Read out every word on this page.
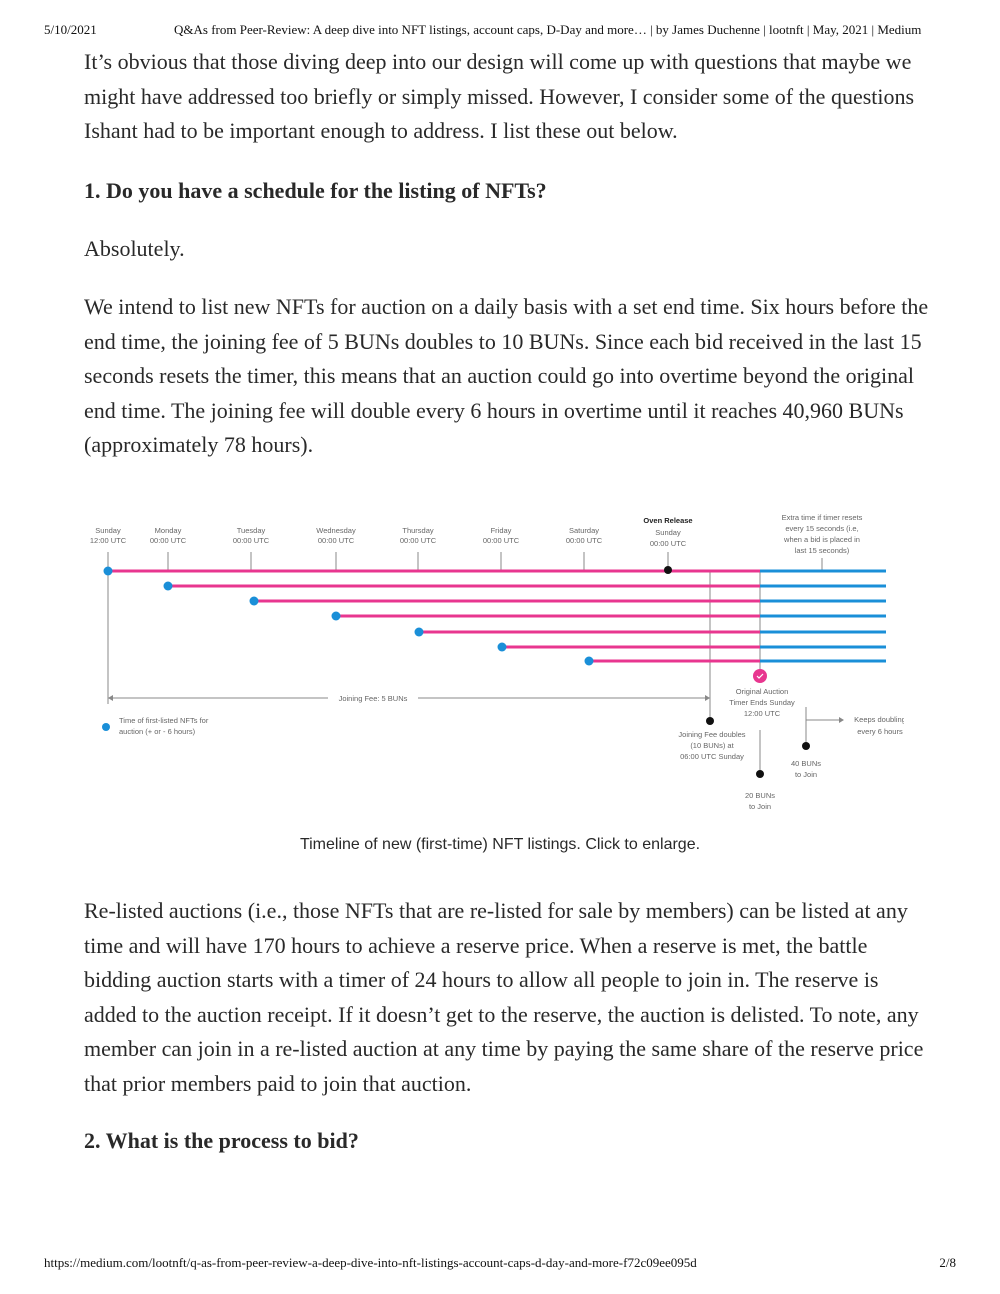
5/10/2021	Q&As from Peer-Review: A deep dive into NFT listings, account caps, D-Day and more… | by James Duchenne | lootnft | May, 2021 | Medium

It’s obvious that those diving deep into our design will come up with questions that maybe we might have addressed too briefly or simply missed. However, I consider some of the questions Ishant had to be important enough to address. I list these out below.

1. Do you have a schedule for the listing of NFTs?

Absolutely.

We intend to list new NFTs for auction on a daily basis with a set end time. Six hours before the end time, the joining fee of 5 BUNs doubles to 10 BUNs. Since each bid received in the last 15 seconds resets the timer, this means that an auction could go into overtime beyond the original end time. The joining fee will double every 6 hours in overtime until it reaches 40,960 BUNs (approximately 78 hours).

Re-listed auctions (i.e., those NFTs that are re-listed for sale by members) can be listed at any time and will have 170 hours to achieve a reserve price. When a reserve is met, the battle bidding auction starts with a timer of 24 hours to allow all people to join in. The reserve is added to the auction receipt. If it doesn’t get to the reserve, the auction is delisted. To note, any member can join in a re-listed auction at any time by paying the same share of the reserve price that prior members paid to join that auction.

2. What is the process to bid?
Sunday
12:00 UTC
Monday
00:00 UTC
Tuesday
00:00 UTC
Wednesday
00:00 UTC
Thursday
00:00 UTC
Friday
00:00 UTC
Saturday
00:00 UTC
Oven Release
Sunday
00:00 UTC
Extra time if timer resets
every 15 seconds (i.e,
when a bid is placed in
last 15 seconds)
Joining Fee: 5 BUNs
Time of first-listed NFTs for
auction (+ or - 6 hours)
Original Auction
Timer Ends Sunday
12:00 UTC
Joining Fee doubles
(10 BUNs) at
06:00 UTC Sunday
20 BUNs
to Join
40 BUNs
to Join
Keeps doubling
every 6 hours
Timeline of new (first-time) NFT listings. Click to enlarge.
https://medium.com/lootnft/q-as-from-peer-review-a-deep-dive-into-nft-listings-account-caps-d-day-and-more-f72c09ee095d	2/8
